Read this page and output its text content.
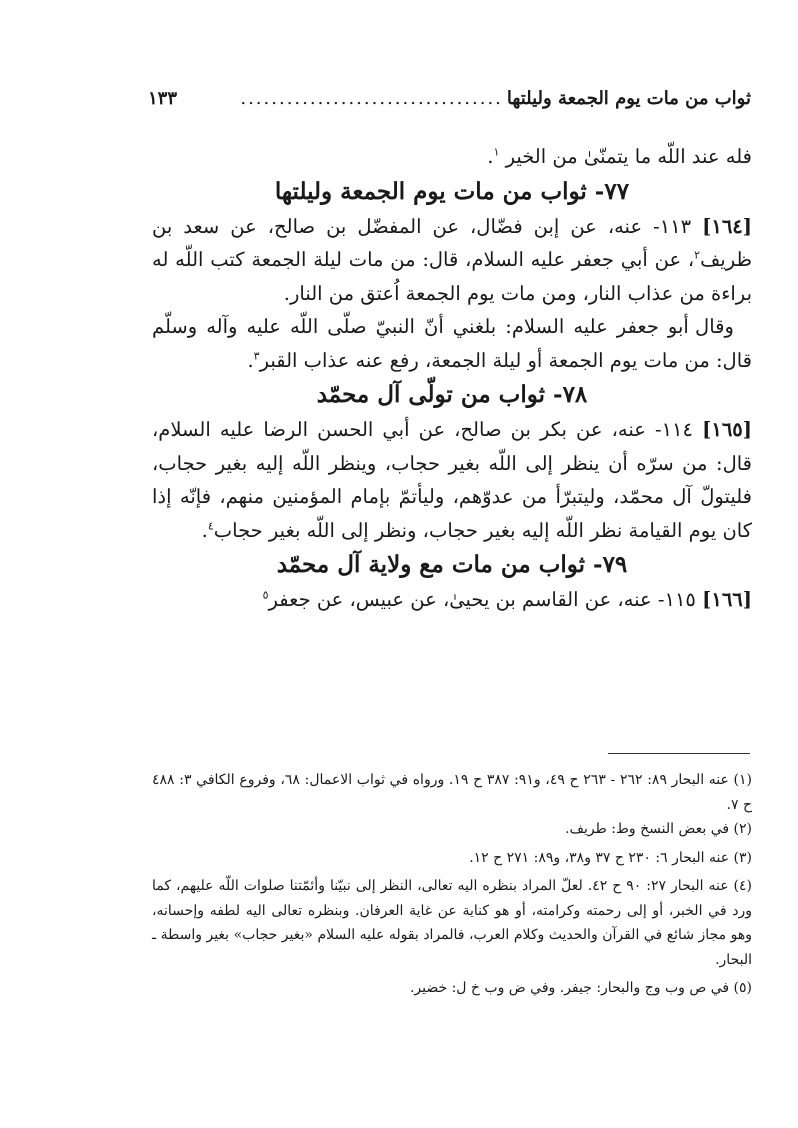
ثواب من مات يوم الجمعة وليلتها
..................................
١٣٣

فله عند اللّه ما يتمنّىٰ من الخير $^١$.

٧٧- ثواب من مات يوم الجمعة وليلتها

[١٦٤] ١١٣- عنه، عن إبن فضّال، عن المفضّل بن صالح، عن سعد بن ظريف$^٢$، عن أبي جعفر عليه السلام، قال: من مات ليلة الجمعة كتب اللّه له براءة من عذاب النار، ومن مات يوم الجمعة اُعتق من النار.

وقال أبو جعفر عليه السلام: بلغني أنّ النبيّ صلّى اللّه عليه وآله وسلّم قال: من مات يوم الجمعة أو ليلة الجمعة، رفع عنه عذاب القبر$^٣$.

٧٨- ثواب من تولّى آل محمّد

[١٦٥] ١١٤- عنه، عن بكر بن صالح، عن أبي الحسن الرضا عليه السلام، قال: من سرّه أن ينظر إلى اللّه بغير حجاب، وينظر اللّه إليه بغير حجاب، فليتولّ آل محمّد، وليتبرّأ من عدوّهم، وليأتمّ بإمام المؤمنين منهم، فإنّه إذا كان يوم القيامة نظر اللّه إليه بغير حجاب، ونظر إلى اللّه بغير حجاب$^٤$.

٧٩- ثواب من مات مع ولاية آل محمّد

[١٦٦] ١١٥- عنه، عن القاسم بن يحيىٰ، عن عبيس، عن جعفر$^٥$

(١) عنه البحار ٨٩: ٢٦٢ - ٢٦٣ ح ٤٩، و٩١: ٣٨٧ ح ١٩. ورواه في ثواب الاعمال: ٦٨، وفروع الكافي ٣: ٤٨٨ ح ٧.

(٢) في بعض النسخ وط: طريف.

(٣) عنه البحار ٦: ٢٣٠ ح ٣٧ و٣٨، و٨٩: ٢٧١ ح ١٢.

(٤) عنه البحار ٢٧: ٩٠ ح ٤٢. لعلّ المراد بنظره اليه تعالى، النظر إلى نبيّنا وأئمّتنا صلوات اللّه عليهم، كما ورد في الخبر، أو إلى رحمته وكرامته، أو هو كناية عن غاية العرفان. وبنظره تعالى اليه لطفه وإحسانه، وهو مجاز شائع في القرآن والحديث وكلام العرب، فالمراد بقوله عليه السلام «بغير حجاب» بغير واسطة ـ البحار.

(٥) في ص وب وج والبحار: جيفر. وفي ض وب خ ل: خضير.
